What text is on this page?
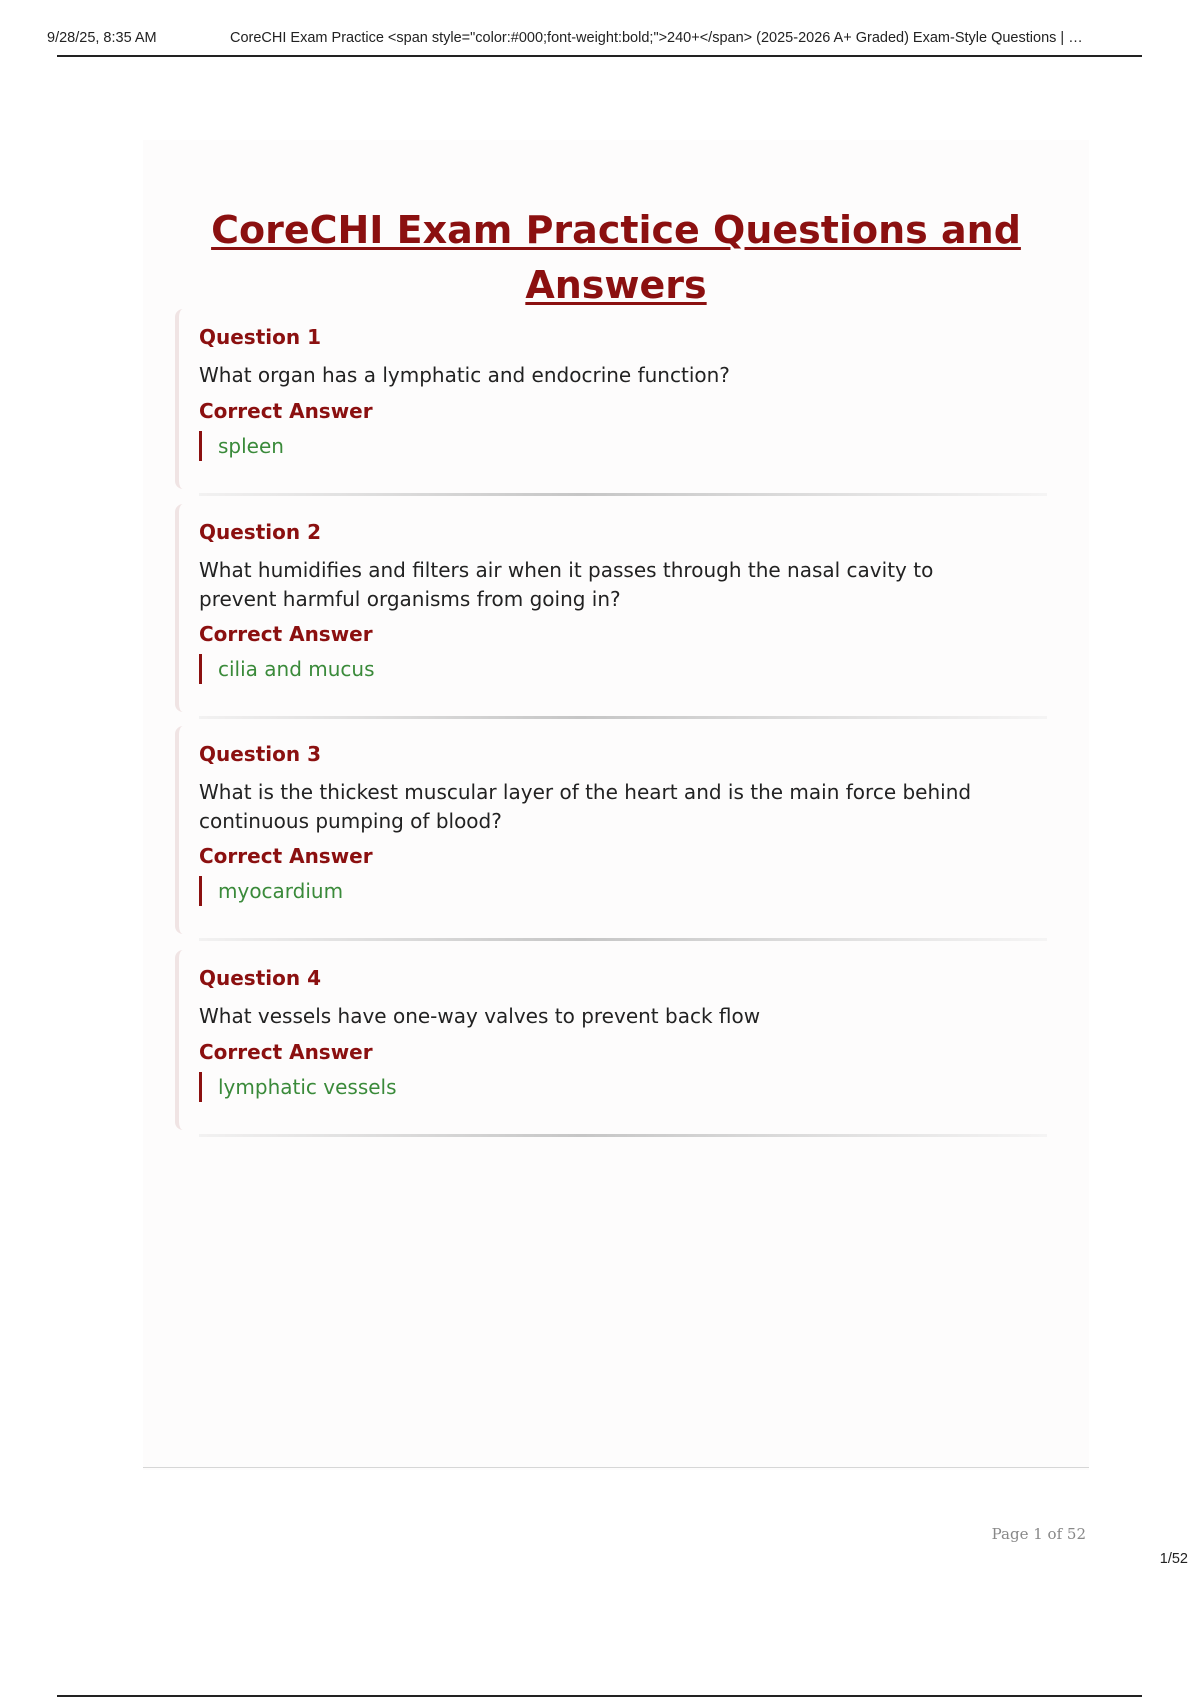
9/28/25, 8:35 AM	CoreCHI Exam Practice <span style="color:#000;font-weight:bold;">240+</span> (2025-2026 A+ Graded) Exam-Style Questions | …
CoreCHI Exam Practice Questions and
Answers
Question 1
What organ has a lymphatic and endocrine function?
Correct Answer
spleen
Question 2
What humidifies and filters air when it passes through the nasal cavity to prevent harmful organisms from going in?
Correct Answer
cilia and mucus
Question 3
What is the thickest muscular layer of the heart and is the main force behind continuous pumping of blood?
Correct Answer
myocardium
Question 4
What vessels have one-way valves to prevent back flow
Correct Answer
lymphatic vessels
Page 1 of 52
1/52
